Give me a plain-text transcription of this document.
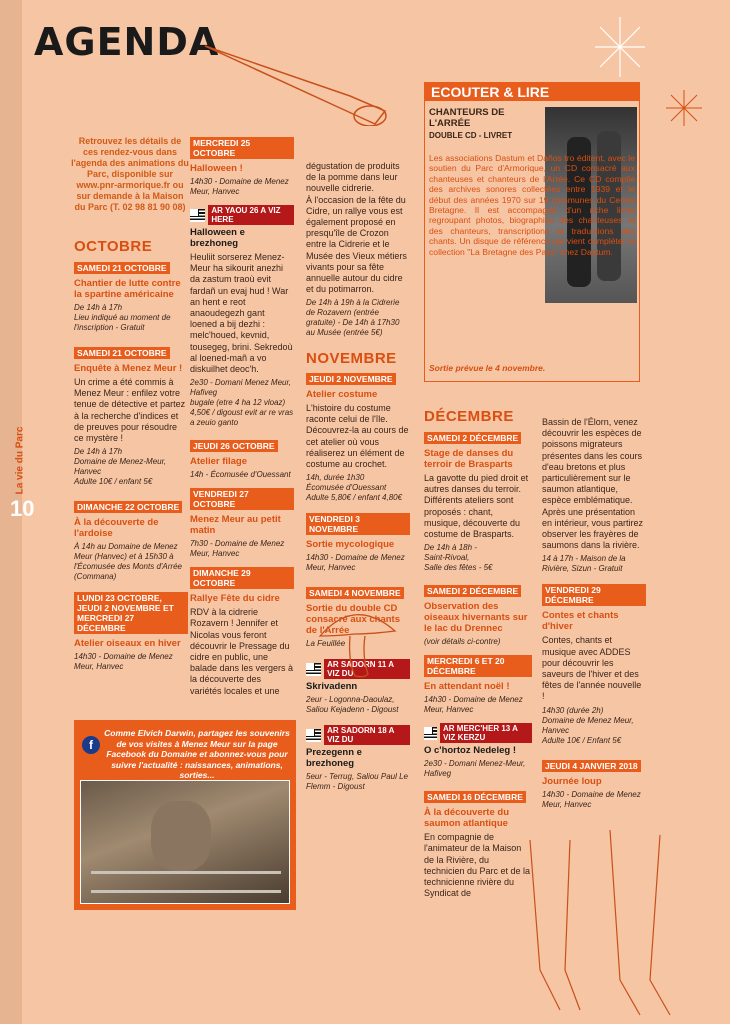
La vie du Parc
10
AGENDA
Retrouvez les détails de ces rendez-vous dans l'agenda des animations du Parc, disponible sur www.pnr-armorique.fr ou sur demande à la Maison du Parc (T. 02 98 81 90 08)
OCTOBRE
SAMEDI 21 OCTOBRE
Chantier de lutte contre la spartine américaine
De 14h à 17h
Lieu indiqué au moment de l'inscription - Gratuit
SAMEDI 21 OCTOBRE
Enquête à Menez Meur !
Un crime a été commis à Menez Meur : enfilez votre tenue de détective et partez à la recherche d'indices et de preuves pour résoudre ce mystère !
De 14h à 17h
Domaine de Menez-Meur, Hanvec
Adulte 10€ / enfant 5€
DIMANCHE 22 OCTOBRE
À la découverte de l'ardoise
À 14h au Domaine de Menez Meur (Hanvec) et à 15h30 à l'Écomusée des Monts d'Arrée (Commana)
LUNDI 23 OCTOBRE, JEUDI 2 NOVEMBRE ET MERCREDI 27 DÉCEMBRE
Atelier oiseaux en hiver
14h30 - Domaine de Menez Meur, Hanvec
f
Comme Elvich Darwin, partagez les souvenirs de vos visites à Menez Meur sur la page Facebook du Domaine et abonnez-vous pour suivre l'actualité : naissances, animations, sorties...
MERCREDI 25 OCTOBRE
Halloween !
14h30 - Domaine de Menez Meur, Hanvec
AR YAOU 26 A VIZ HERE
Halloween e brezhoneg
Heuliit sorserez Menez-Meur ha sikourit anezhi da zastum traoù evit fardañ un evaj hud ! War an hent e reot anaoudegezh gant loened a bij dezhi : melc'houed, kevnid, tousegeg, brini. Sekredoù al loened-mañ a vo diskuilhet deoc'h.
2e30 - Domani Menez Meur, Hafiveg
bugale (etre 4 ha 12 vloaz)
4,50€ / digoust evit ar re vras a zeuio ganto
JEUDI 26 OCTOBRE
Atelier filage
14h - Écomusée d'Ouessant
VENDREDI 27 OCTOBRE
Menez Meur au petit matin
7h30 - Domaine de Menez Meur, Hanvec
DIMANCHE 29 OCTOBRE
Rallye Fête du cidre
RDV à la cidrerie Rozavern ! Jennifer et Nicolas vous feront découvrir le Pressage du cidre en public, une balade dans les vergers à la découverte des variétés locales et une
dégustation de produits de la pomme dans leur nouvelle cidrerie.
À l'occasion de la fête du Cidre, un rallye vous est également proposé en presqu'île de Crozon entre la Cidrerie et le Musée des Vieux métiers vivants pour sa fête annuelle autour du cidre et du potimarron.
De 14h à 19h à la Cidrerie de Rozavern (entrée gratuite) - De 14h à 17h30 au Musée (entrée 5€)
NOVEMBRE
JEUDI 2 NOVEMBRE
Atelier costume
L'histoire du costume raconte celui de l'île. Découvrez-la au cours de cet atelier où vous réaliserez un élément de costume au crochet.
14h, durée 1h30
Écomusée d'Ouessant
Adulte 5,80€ / enfant 4,80€
VENDREDI 3 NOVEMBRE
Sortie mycologique
14h30 - Domaine de Menez Meur, Hanvec
SAMEDI 4 NOVEMBRE
Sortie du double CD consacré aux chants de l'Arrée
La Feuillée
AR SADORN 11 A VIZ DU
Skrivadenn
2eur - Logonna-Daoulaz, Saliou Kejadenn - Digoust
AR SADORN 18 A VIZ DU
Prezegenn e brezhoneg
5eur - Terrug, Saliou Paul Le Flemm - Digoust
ECOUTER & LIRE
CHANTEURS DE L'ARRÉE
DOUBLE CD - LIVRET
Les associations Dastum et Daños tro éditent, avec le soutien du Parc d'Armorique, un CD consacré aux chanteuses et chanteurs de l'Arrée. Ce CD compile des archives sonores collectées entre 1939 et le début des années 1970 sur 19 communes du Centre Bretagne. Il est accompagné d'un riche livret regroupant photos, biographies des chanteuses et des chanteurs, transcriptions et traductions des chants. Un disque de référence qui vient compléter la collection "La Bretagne des Pays" chez Dastum.
Sortie prévue le 4 novembre.
DÉCEMBRE
SAMEDI 2 DÉCEMBRE
Stage de danses du terroir de Brasparts
La gavotte du pied droit et autres danses du terroir. Différents ateliers sont proposés : chant, musique, découverte du costume de Brasparts.
De 14h à 18h -
Saint-Rivoal,
Salle des fêtes - 5€
SAMEDI 2 DÉCEMBRE
Observation des oiseaux hivernants sur le lac du Drennec
(voir détails ci-contre)
MERCREDI 6 ET 20 DÉCEMBRE
En attendant noël !
14h30 - Domaine de Menez Meur, Hanvec
AR MERC'HER 13 A VIZ KERZU
O c'hortoz Nedeleg !
2e30 - Domani Menez-Meur, Hafiveg
SAMEDI 16 DÉCEMBRE
À la découverte du saumon atlantique
En compagnie de l'animateur de la Maison de la Rivière, du technicien du Parc et de la technicienne rivière du Syndicat de
Bassin de l'Élorn, venez découvrir les espèces de poissons migrateurs présentes dans les cours d'eau bretons et plus particulièrement sur le saumon atlantique, espèce emblématique. Après une présentation en intérieur, vous partirez observer les frayères de saumons dans la rivière.
14 à 17h - Maison de la Rivière, Sizun - Gratuit
VENDREDI 29 DÉCEMBRE
Contes et chants d'hiver
Contes, chants et musique avec ADDES pour découvrir les saveurs de l'hiver et des fêtes de l'année nouvelle !
14h30 (durée 2h)
Domaine de Menez Meur, Hanvec
Adulte 10€ / Enfant 5€
JEUDI 4 JANVIER 2018
Journée loup
14h30 - Domaine de Menez Meur, Hanvec
